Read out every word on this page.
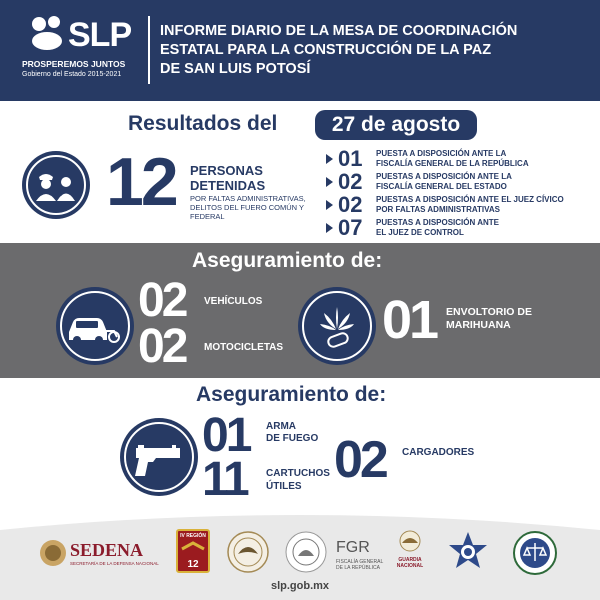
SLP
PROSPEREMOS JUNTOS
Gobierno del Estado 2015-2021
INFORME DIARIO DE LA MESA DE COORDINACIÓN
ESTATAL PARA LA CONSTRUCCIÓN DE LA PAZ
DE SAN LUIS POTOSÍ
Resultados del	27 de agosto
12 PERSONAS
DETENIDAS
POR FALTAS ADMINISTRATIVAS,
DELITOS DEL FUERO COMÚN Y
FEDERAL
01 PUESTA A DISPOSICIÓN ANTE LA
FISCALÍA GENERAL DE LA REPÚBLICA
02 PUESTAS A DISPOSICIÓN ANTE LA
FISCALÍA GENERAL DEL ESTADO
02 PUESTAS A DISPOSICIÓN ANTE EL JUEZ CÍVICO
POR FALTAS ADMINISTRATIVAS
07 PUESTAS A DISPOSICIÓN ANTE
EL JUEZ DE CONTROL
Aseguramiento de:
02 VEHÍCULOS
02 MOTOCICLETAS 01 ENVOLTORIO DE
MARIHUANA
Aseguramiento de:
01 ARMA
DE FUEGO
11 CARTUCHOS
ÚTILES 02 CARGADORES
SEDENA
SECRETARÍA DE LA DEFENSA NACIONAL
IV REGIÓN
12
FGR
FISCALÍA GENERAL
DE LA REPÚBLICA
GUARDIA
NACIONAL
slp.gob.mx
